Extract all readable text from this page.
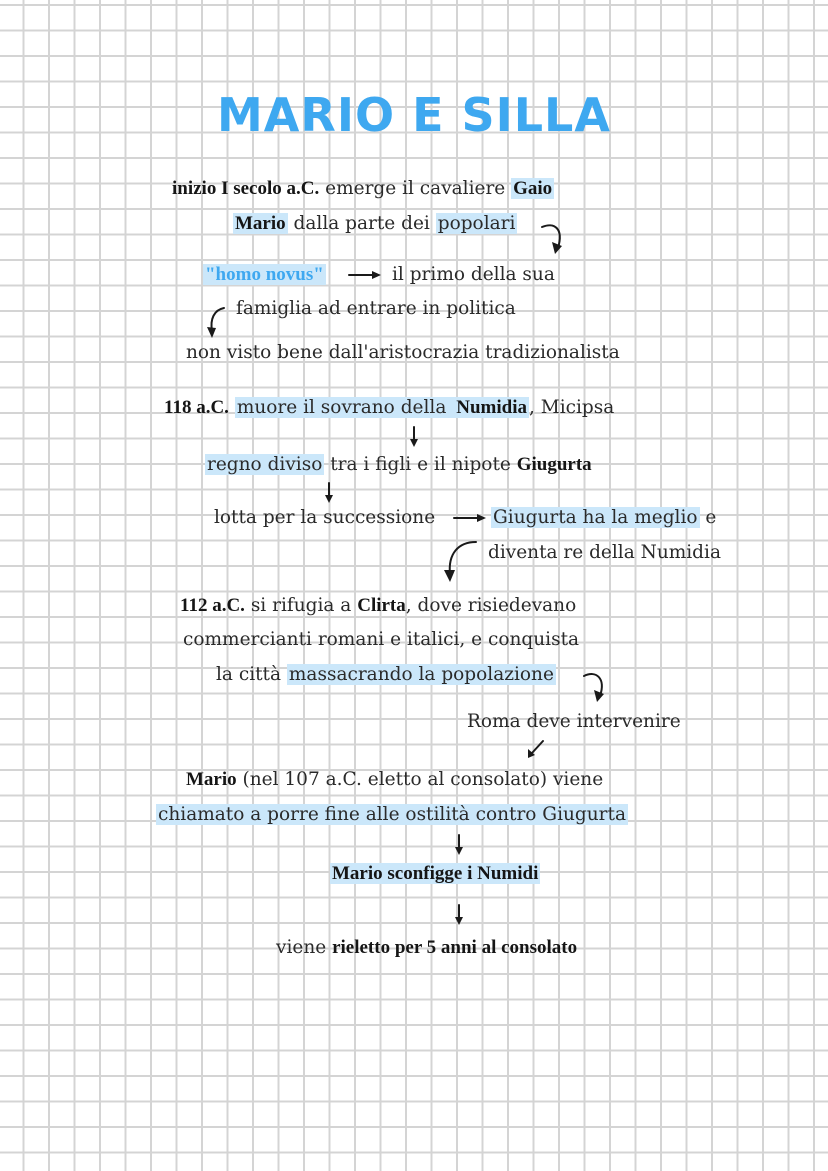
MARIO E SILLA
inizio I secolo a.C. emerge il cavaliere Gaio
Mario dalla parte dei popolari
"homo novus"	il primo della sua
famiglia ad entrare in politica
non visto bene dall'aristocrazia tradizionalista
118 a.C. muore il sovrano della Numidia , Micipsa
regno diviso tra i figli e il nipote Giugurta
lotta per la successione	Giugurta ha la meglio e
diventa re della Numidia
112 a.C. si rifugia a Clirta, dove risiedevano
commercianti romani e italici, e conquista
la città massacrando la popolazione
Roma deve intervenire
Mario (nel 107 a.C. eletto al consolato) viene
chiamato a porre fine alle ostilità contro Giugurta
Mario sconfigge i Numidi
viene rieletto per 5 anni al consolato
